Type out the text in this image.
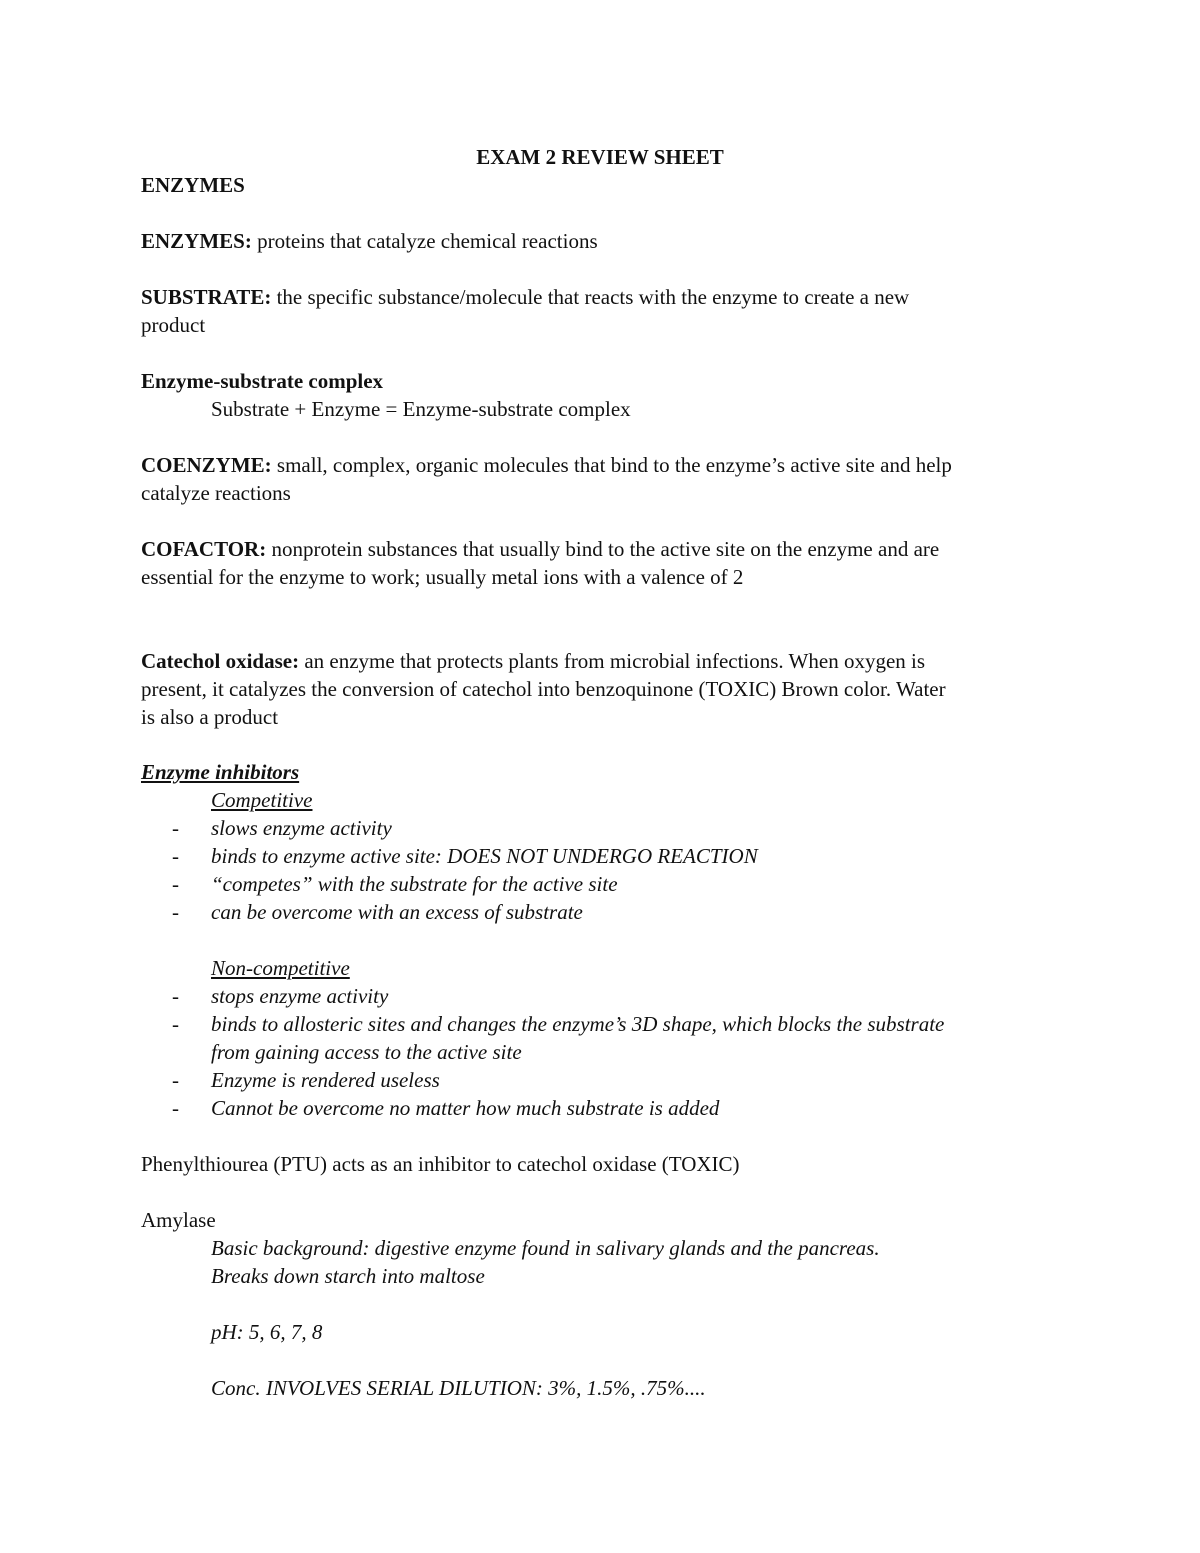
EXAM 2 REVIEW SHEET
ENZYMES
ENZYMES: proteins that catalyze chemical reactions
SUBSTRATE: the specific substance/molecule that reacts with the enzyme to create a new
product
Enzyme-substrate complex
Substrate + Enzyme = Enzyme-substrate complex
COENZYME: small, complex, organic molecules that bind to the enzyme’s active site and help
catalyze reactions
COFACTOR: nonprotein substances that usually bind to the active site on the enzyme and are
essential for the enzyme to work; usually metal ions with a valence of 2
Catechol oxidase: an enzyme that protects plants from microbial infections. When oxygen is
present, it catalyzes the conversion of catechol into benzoquinone (TOXIC) Brown color. Water
is also a product
Enzyme inhibitors
Competitive
- slows enzyme activity
- binds to enzyme active site: DOES NOT UNDERGO REACTION
- “competes” with the substrate for the active site
- can be overcome with an excess of substrate
Non-competitive
- stops enzyme activity
- binds to allosteric sites and changes the enzyme’s 3D shape, which blocks the substrate
from gaining access to the active site
- Enzyme is rendered useless
- Cannot be overcome no matter how much substrate is added
Phenylthiourea (PTU) acts as an inhibitor to catechol oxidase (TOXIC)
Amylase
Basic background: digestive enzyme found in salivary glands and the pancreas.
Breaks down starch into maltose
pH: 5, 6, 7, 8
Conc. INVOLVES SERIAL DILUTION: 3%, 1.5%, .75%....
